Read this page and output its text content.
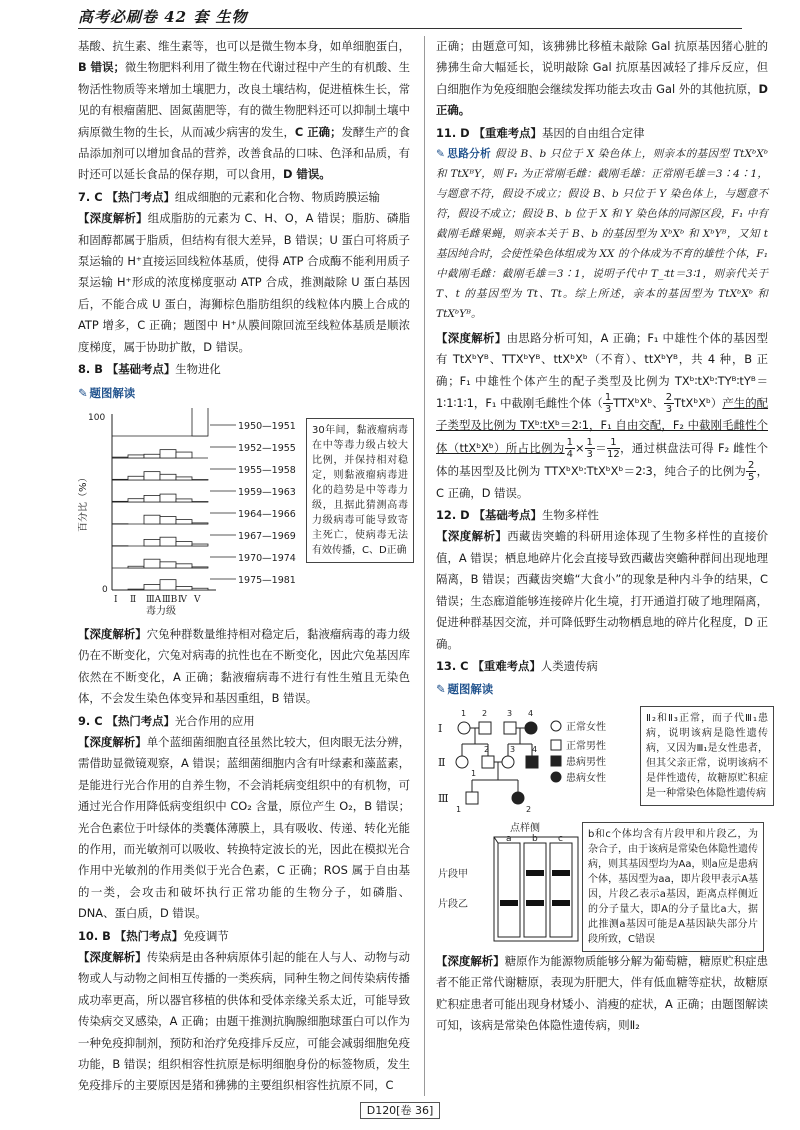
高考必刷卷 42 套 生物

基酸、抗生素、维生素等，也可以是微生物本身，如单细胞蛋白，B 错误；微生物肥料利用了微生物在代谢过程中产生的有机酸、生物活性物质等来增加土壤肥力，改良土壤结构，促进植株生长，常见的有根瘤菌肥、固氮菌肥等，有的微生物肥料还可以抑制土壤中病原微生物的生长，从而减少病害的发生，C 正确；发酵生产的食品添加剂可以增加食品的营养，改善食品的口味、色泽和品质，有时还可以延长食品的保存期，可以食用，D 错误。

7. C 【热门考点】组成细胞的元素和化合物、物质跨膜运输

【深度解析】组成脂肪的元素为 C、H、O，A 错误；脂肪、磷脂和固醇都属于脂质，但结构有很大差异，B 错误；U 蛋白可将质子泵运输的 H⁺直接运回线粒体基质，使得 ATP 合成酶不能利用质子泵运输 H⁺形成的浓度梯度驱动 ATP 合成，推测敲除 U 蛋白基因后，不能合成 U 蛋白，海狮棕色脂肪组织的线粒体内膜上合成的 ATP 增多，C 正确；题图中 H⁺从膜间隙回流至线粒体基质是顺浓度梯度，属于协助扩散，D 错误。

8. B 【基础考点】生物进化

✎ 题图解读

100
0
百分比（%）
1950—1951
1952—1955
1955—1958
1959—1963
1964—1966
1967—1969
1970—1974
1975—1981
Ⅰ Ⅱ ⅢA ⅢB Ⅳ Ⅴ
毒力级
30年间，黏液瘤病毒在中等毒力级占较大比例，并保持相对稳定，则黏液瘤病毒进化的趋势是中等毒力级，且据此猜测高毒力级病毒可能导致寄主死亡，使病毒无法有效传播，C、D正确

【深度解析】穴兔种群数量维持相对稳定后，黏液瘤病毒的毒力级仍在不断变化，穴兔对病毒的抗性也在不断变化，因此穴兔基因库依然在不断变化，A 正确；黏液瘤病毒不进行有性生殖且无染色体，不会发生染色体变异和基因重组，B 错误。

9. C 【热门考点】光合作用的应用

【深度解析】单个蓝细菌细胞直径虽然比较大，但肉眼无法分辨，需借助显微镜观察，A 错误；蓝细菌细胞内含有叶绿素和藻蓝素，是能进行光合作用的自养生物，不会消耗病变组织中的有机物，可通过光合作用降低病变组织中 CO₂ 含量，原位产生 O₂，B 错误；光合色素位于叶绿体的类囊体薄膜上，具有吸收、传递、转化光能的作用，而光敏剂可以吸收、转换特定波长的光，因此在模拟光合作用中光敏剂的作用类似于光合色素，C 正确；ROS 属于自由基的一类，会攻击和破坏执行正常功能的生物分子，如磷脂、DNA、蛋白质，D 错误。

10. B 【热门考点】免疫调节

【深度解析】传染病是由各种病原体引起的能在人与人、动物与动物或人与动物之间相互传播的一类疾病，同种生物之间传染病传播成功率更高，所以器官移植的供体和受体亲缘关系太近，可能导致传染病交叉感染，A 正确；由题干推测抗胸腺细胞球蛋白可以作为一种免疫抑制剂，预防和治疗免疫排斥反应，可能会减弱细胞免疫功能，B 错误；组织相容性抗原是标明细胞身份的标签物质，发生免疫排斥的主要原因是猪和狒狒的主要组织相容性抗原不同，C

正确；由题意可知，该狒狒比移植未敲除 Gal 抗原基因猪心脏的狒狒生命大幅延长，说明敲除 Gal 抗原基因减轻了排斥反应，但白细胞作为免疫细胞会继续发挥功能去攻击 Gal 外的其他抗原，D 正确。

11. D 【重难考点】基因的自由组合定律

✎ 思路分析 假设 B、b 只位于 X 染色体上，则亲本的基因型 TtXᵇXᵇ 和 TtXᴮY，则 F₁ 为正常刚毛雌：截刚毛雄：正常刚毛雄＝3∶4∶1，与题意不符，假设不成立；假设 B、b 只位于 Y 染色体上，与题意不符，假设不成立；假设 B、b 位于 X 和 Y 染色体的同源区段，F₁ 中有截刚毛雌果蝇，则亲本关于 B、b 的基因型为 XᵇXᵇ 和 XᵇYᴮ，又知 t 基因纯合时，会使性染色体组成为 XX 的个体成为不育的雄性个体，F₁ 中截刚毛雌：截刚毛雄＝3∶1，说明子代中 T_∶tt＝3∶1，则亲代关于 T、t 的基因型为 Tt、Tt。综上所述，亲本的基因型为 TtXᵇXᵇ 和 TtXᵇYᴮ。

【深度解析】由思路分析可知，A 正确；F₁ 中雄性个体的基因型有 TtXᵇYᴮ、TTXᵇYᴮ、ttXᵇXᵇ（不育）、ttXᵇYᴮ，共 4 种，B 正确；F₁ 中雄性个体产生的配子类型及比例为 TXᵇ∶tXᵇ∶TYᴮ∶tYᴮ＝1∶1∶1∶1，F₁ 中截刚毛雌性个体（ $\frac{1}{3}$ TTXᵇXᵇ、 $\frac{2}{3}$ TtXᵇXᵇ）产生的配子类型及比例为 TXᵇ∶tXᵇ＝2∶1，F₁ 自由交配，F₂ 中截刚毛雌性个体（ttXᵇXᵇ）所占比例为 $\frac{1}{4} \times \frac{1}{3} = \frac{1}{12}$ ，通过棋盘法可得 F₂ 雌性个体的基因型及比例为 TTXᵇXᵇ∶TtXᵇXᵇ＝2∶3，纯合子的比例为 $\frac{2}{5}$ ，C 正确，D 错误。

12. D 【基础考点】生物多样性

【深度解析】西藏齿突蟾的科研用途体现了生物多样性的直接价值，A 错误；栖息地碎片化会直接导致西藏齿突蟾种群间出现地理隔离，B 错误；西藏齿突蟾“大食小”的现象是种内斗争的结果，C 错误；生态廊道能够连接碎片化生境，打开通道打破了地理隔离，促进种群基因交流，并可降低野生动物栖息地的碎片化程度，D 正确。

13. C 【重难考点】人类遗传病

✎ 题图解读

Ⅰ
Ⅱ
Ⅲ
1 2 3 4
1
2	3 4
1	2
正常女性
正常男性
患病男性
患病女性
Ⅱ₂和Ⅱ₃正常，而子代Ⅲ₁患病，说明该病是隐性遗传病，又因为Ⅲ₁是女性患者，但其父亲正常，说明该病不是伴性遗传，故糖原贮积症是一种常染色体隐性遗传病
点样侧
a b c
片段甲
片段乙
b和c个体均含有片段甲和片段乙，为杂合子，由于该病是常染色体隐性遗传病，则其基因型均为Aa，则a应是患病个体，基因型为aa，即片段甲表示A基因，片段乙表示a基因，距离点样侧近的分子量大，即A的分子量比a大，据此推测a基因可能是A基因缺失部分片段所致，C错误

【深度解析】糖原作为能源物质能够分解为葡萄糖，糖原贮积症患者不能正常代谢糖原，表现为肝肥大，伴有低血糖等症状，故糖原贮积症患者可能出现身材矮小、消瘦的症状，A 正确；由题图解读可知，该病是常染色体隐性遗传病，则Ⅱ₂

D120[卷 36]
